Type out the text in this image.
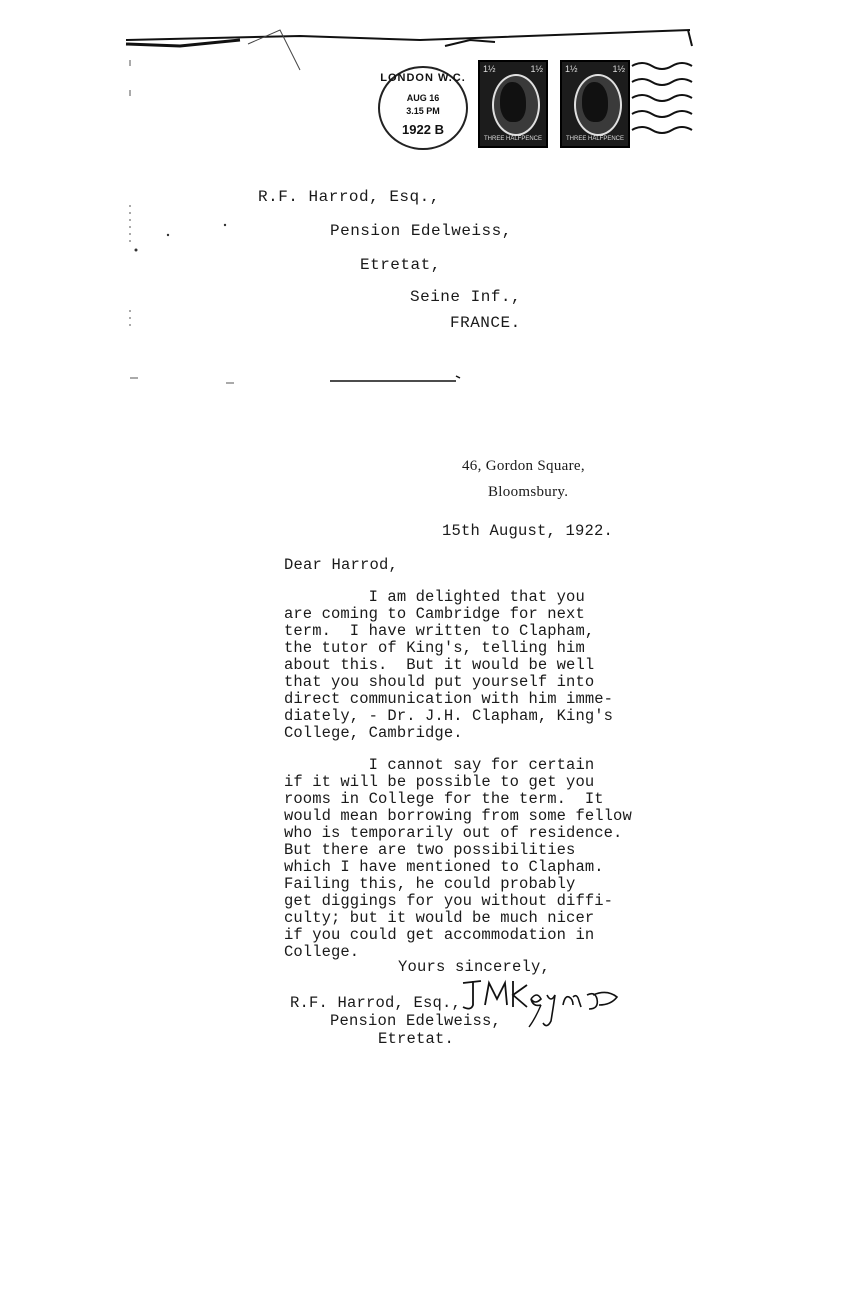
LONDON W.C.
AUG 16
3.15 PM
1922 B
1½	1½
THREE HALFPENCE
1½	1½
THREE HALFPENCE
R.F. Harrod, Esq.,
Pension Edelweiss,
Etretat,
Seine Inf.,
FRANCE.
46, Gordon Square,
Bloomsbury.
15th August, 1922.
Dear Harrod,
I am delighted that you
are coming to Cambridge for next
term.  I have written to Clapham,
the tutor of King's, telling him
about this.  But it would be well
that you should put yourself into
direct communication with him imme-
diately, - Dr. J.H. Clapham, King's
College, Cambridge.
I cannot say for certain
if it will be possible to get you
rooms in College for the term.  It
would mean borrowing from some fellow
who is temporarily out of residence.
But there are two possibilities
which I have mentioned to Clapham.
Failing this, he could probably
get diggings for you without diffi-
culty; but it would be much nicer
if you could get accommodation in
College.
Yours sincerely,
R.F. Harrod, Esq.,
Pension Edelweiss,
Etretat.
